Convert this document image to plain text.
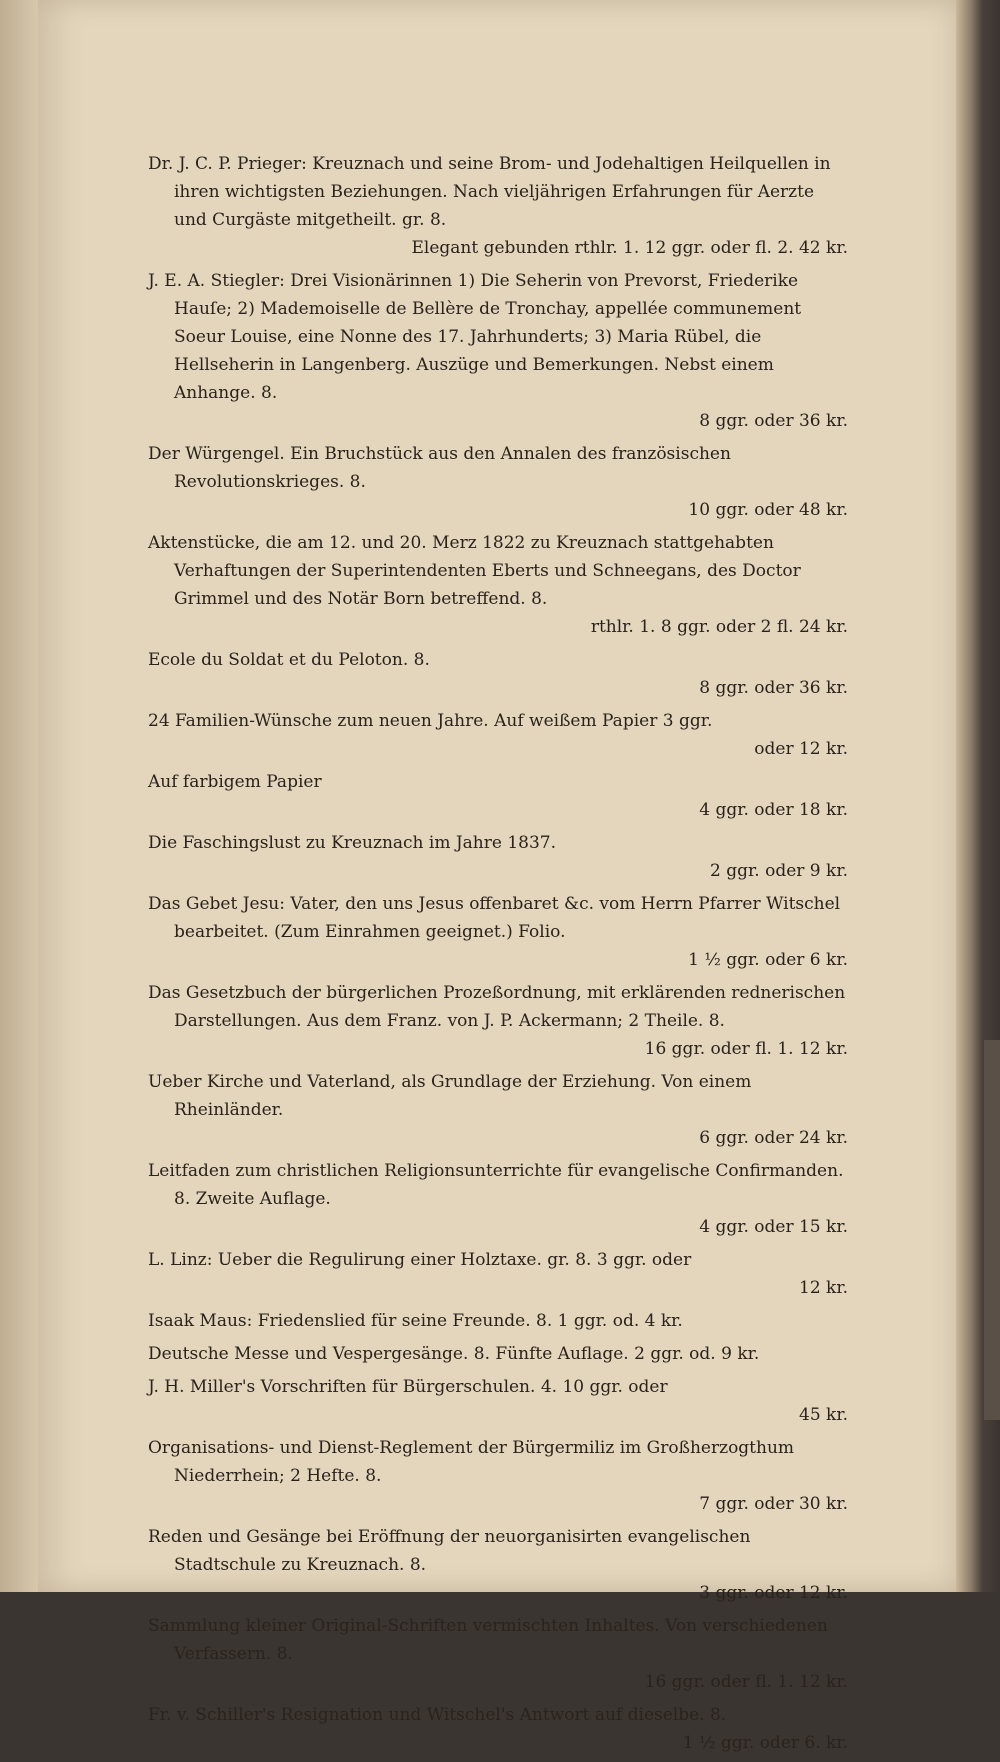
Dr. J. C. P. Prieger: Kreuznach und seine Brom- und Jodehaltigen Heilquellen in ihren wichtigsten Beziehungen. Nach vieljährigen Erfahrungen für Aerzte und Curgäste mitgetheilt. gr. 8.
Elegant gebunden rthlr. 1. 12 ggr. oder fl. 2. 42 kr.
J. E. A. Stiegler: Drei Visionärinnen 1) Die Seherin von Prevorst, Friederike Hauſe; 2) Mademoiselle de Bellère de Tronchay, appellée communement Soeur Louise, eine Nonne des 17. Jahrhunderts; 3) Maria Rübel, die Hellseherin in Langenberg. Auszüge und Bemerkungen. Nebst einem Anhange. 8.
8 ggr. oder 36 kr.
Der Würgengel. Ein Bruchstück aus den Annalen des französischen Revolutionskrieges. 8.
10 ggr. oder 48 kr.
Aktenstücke, die am 12. und 20. Merz 1822 zu Kreuznach stattgehabten Verhaftungen der Superintendenten Eberts und Schneegans, des Doctor Grimmel und des Notär Born betreffend. 8.
rthlr. 1. 8 ggr. oder 2 fl. 24 kr.
Ecole du Soldat et du Peloton. 8.
8 ggr. oder 36 kr.
24 Familien-Wünsche zum neuen Jahre. Auf weißem Papier 3 ggr.
oder 12 kr.
Auf farbigem Papier
4 ggr. oder 18 kr.
Die Faschingslust zu Kreuznach im Jahre 1837.
2 ggr. oder 9 kr.
Das Gebet Jesu: Vater, den uns Jesus offenbaret &c. vom Herrn Pfarrer Witschel bearbeitet. (Zum Einrahmen geeignet.) Folio.
1 ½ ggr. oder 6 kr.
Das Gesetzbuch der bürgerlichen Prozeßordnung, mit erklärenden rednerischen Darstellungen. Aus dem Franz. von J. P. Ackermann; 2 Theile. 8.
16 ggr. oder fl. 1. 12 kr.
Ueber Kirche und Vaterland, als Grundlage der Erziehung. Von einem Rheinländer.
6 ggr. oder 24 kr.
Leitfaden zum christlichen Religionsunterrichte für evangelische Confirmanden. 8. Zweite Auflage.
4 ggr. oder 15 kr.
L. Linz: Ueber die Regulirung einer Holztaxe. gr. 8. 3 ggr. oder
12 kr.
Isaak Maus: Friedenslied für seine Freunde. 8. 1 ggr. od. 4 kr.
Deutsche Messe und Vespergesänge. 8. Fünfte Auflage. 2 ggr. od. 9 kr.
J. H. Miller's Vorschriften für Bürgerschulen. 4. 10 ggr. oder
45 kr.
Organisations- und Dienst-Reglement der Bürgermiliz im Großherzogthum Niederrhein; 2 Hefte. 8.
7 ggr. oder 30 kr.
Reden und Gesänge bei Eröffnung der neuorganisirten evangelischen Stadtschule zu Kreuznach. 8.
3 ggr. oder 12 kr.
Sammlung kleiner Original-Schriften vermischten Inhaltes. Von verschiedenen Verfassern. 8.
16 ggr. oder fl. 1. 12 kr.
Fr. v. Schiller's Resignation und Witschel's Antwort auf dieselbe. 8.
1 ½ ggr. oder 6. kr.
